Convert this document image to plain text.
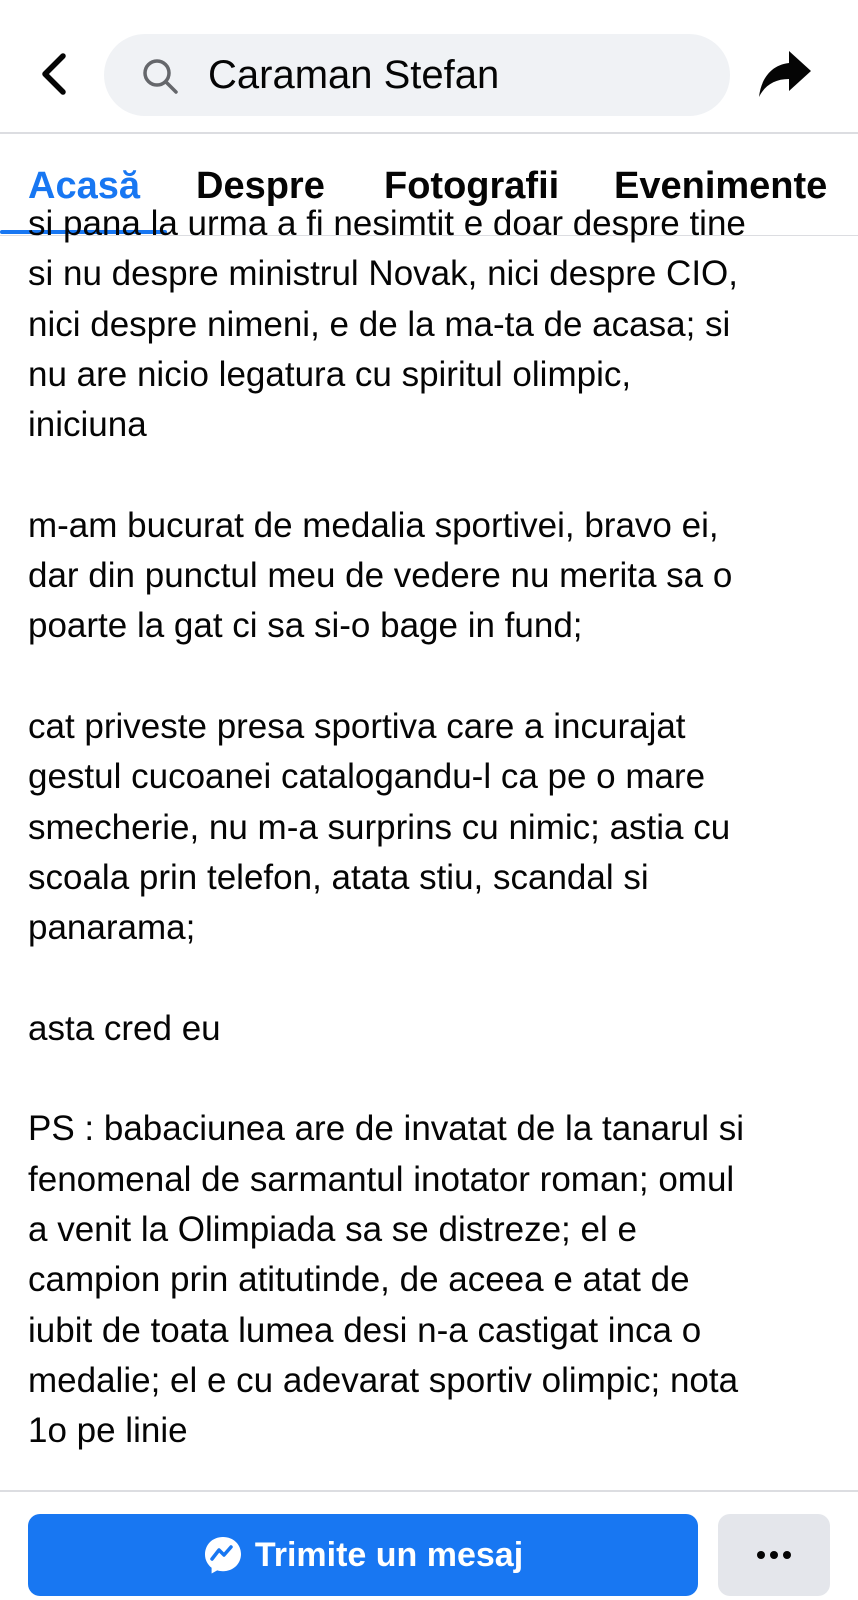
Caraman Stefan
Acasă Despre Fotografii Evenimente
si pana la urma a fi nesimtit e doar despre tine
si nu despre ministrul Novak, nici despre CIO,
nici despre nimeni, e de la ma-ta de acasa; si
nu are nicio legatura cu spiritul olimpic,
iniciuna

m-am bucurat de medalia sportivei, bravo ei,
dar din punctul meu de vedere nu merita sa o
poarte la gat ci sa si-o bage in fund;

cat priveste presa sportiva care a incurajat
gestul cucoanei catalogandu-l ca pe o mare
smecherie, nu m-a surprins cu nimic; astia cu
scoala prin telefon, atata stiu, scandal si
panarama;

asta cred eu

PS : babaciunea are de invatat de la tanarul si
fenomenal de sarmantul inotator roman; omul
a venit la Olimpiada sa se distreze; el e
campion prin atitutinde, de aceea e atat de
iubit de toata lumea desi n-a castigat inca o
medalie; el e cu adevarat sportiv olimpic; nota
1o pe linie
Trimite un mesaj
